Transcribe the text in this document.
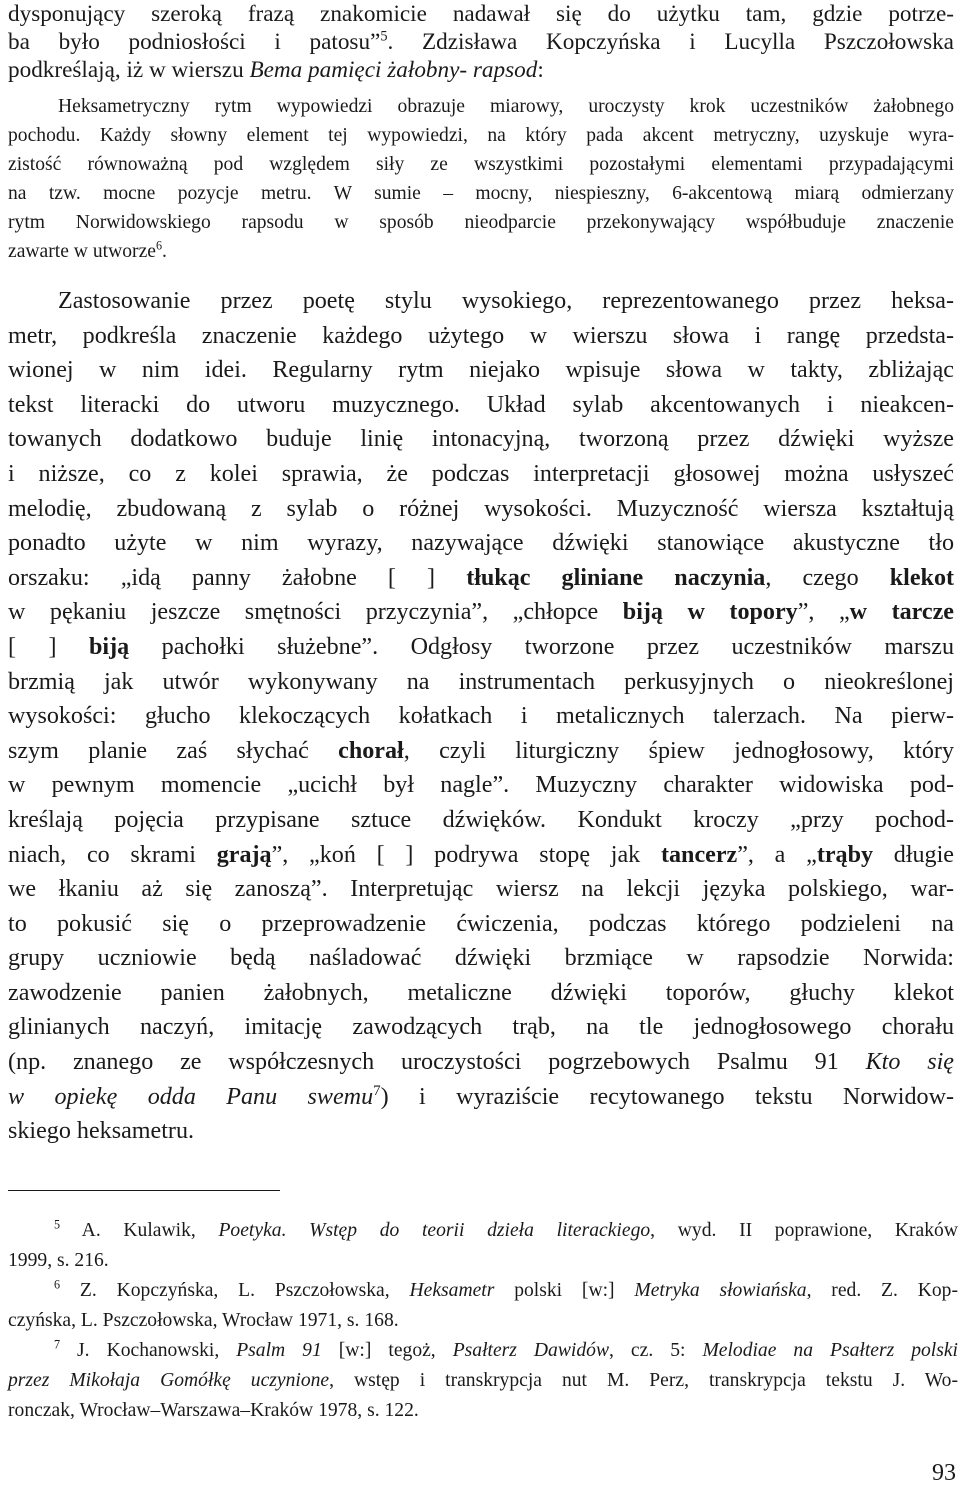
dysponujący szeroką frazą znakomicie nadawał się do użytku tam, gdzie potrze-
ba było podniosłości i patosu”$^5$. Zdzisława Kopczyńska i Lucylla Pszczołowska
podkreślają, iż w wierszu Bema pamięci żałobny- rapsod:
Heksametryczny rytm wypowiedzi obrazuje miarowy, uroczysty krok uczestników żałobnego
pochodu. Każdy słowny element tej wypowiedzi, na który pada akcent metryczny, uzyskuje wyra-
zistość równoważną pod względem siły ze wszystkimi pozostałymi elementami przypadającymi
na tzw. mocne pozycje metru. W sumie – mocny, niespieszny, 6-akcentową miarą odmierzany
rytm Norwidowskiego rapsodu w sposób nieodparcie przekonywający współbuduje znaczenie
zawarte w utworze$^6$.
Zastosowanie przez poetę stylu wysokiego, reprezentowanego przez heksa-
metr, podkreśla znaczenie każdego użytego w wierszu słowa i rangę przedsta-
wionej w nim idei. Regularny rytm niejako wpisuje słowa w takty, zbliżając
tekst literacki do utworu muzycznego. Układ sylab akcentowanych i nieakcen-
towanych dodatkowo buduje linię intonacyjną, tworzoną przez dźwięki wyższe
i niższe, co z kolei sprawia, że podczas interpretacji głosowej można usłyszeć
melodię, zbudowaną z sylab o różnej wysokości. Muzyczność wiersza kształtują
ponadto użyte w nim wyrazy, nazywające dźwięki stanowiące akustyczne tło
orszaku: „idą panny żałobne [ ] tłukąc gliniane naczynia, czego klekot
w pękaniu jeszcze smętności przyczynia”, „chłopce biją w topory”, „w tarcze
[ ] biją pachołki służebne”. Odgłosy tworzone przez uczestników marszu
brzmią jak utwór wykonywany na instrumentach perkusyjnych o nieokreślonej
wysokości: głucho klekoczących kołatkach i metalicznych talerzach. Na pierw-
szym planie zaś słychać chorał, czyli liturgiczny śpiew jednogłosowy, który
w pewnym momencie „ucichł był nagle”. Muzyczny charakter widowiska pod-
kreślają pojęcia przypisane sztuce dźwięków. Kondukt kroczy „przy pochod-
niach, co skrami grają”, „koń [ ] podrywa stopę jak tancerz”, a „trąby długie
we łkaniu aż się zanoszą”. Interpretując wiersz na lekcji języka polskiego, war-
to pokusić się o przeprowadzenie ćwiczenia, podczas którego podzieleni na
grupy uczniowie będą naśladować dźwięki brzmiące w rapsodzie Norwida:
zawodzenie panien żałobnych, metaliczne dźwięki toporów, głuchy klekot
glinianych naczyń, imitację zawodzących trąb, na tle jednogłosowego chorału
(np. znanego ze współczesnych uroczystości pogrzebowych Psalmu 91 Kto się
w opiekę odda Panu swemu$^7$) i wyraziście recytowanego tekstu Norwidow-
skiego heksametru.
$^5$ A. Kulawik, Poetyka. Wstęp do teorii dzieła literackiego, wyd. II poprawione, Kraków
1999, s. 216.
$^6$ Z. Kopczyńska, L. Pszczołowska, Heksametr polski [w:] Metryka słowiańska, red. Z. Kop-
czyńska, L. Pszczołowska, Wrocław 1971, s. 168.
$^7$ J. Kochanowski, Psalm 91 [w:] tegoż, Psałterz Dawidów, cz. 5: Melodiae na Psałterz polski
przez Mikołaja Gomółkę uczynione, wstęp i transkrypcja nut M. Perz, transkrypcja tekstu J. Wo-
ronczak, Wrocław–Warszawa–Kraków 1978, s. 122.
93
